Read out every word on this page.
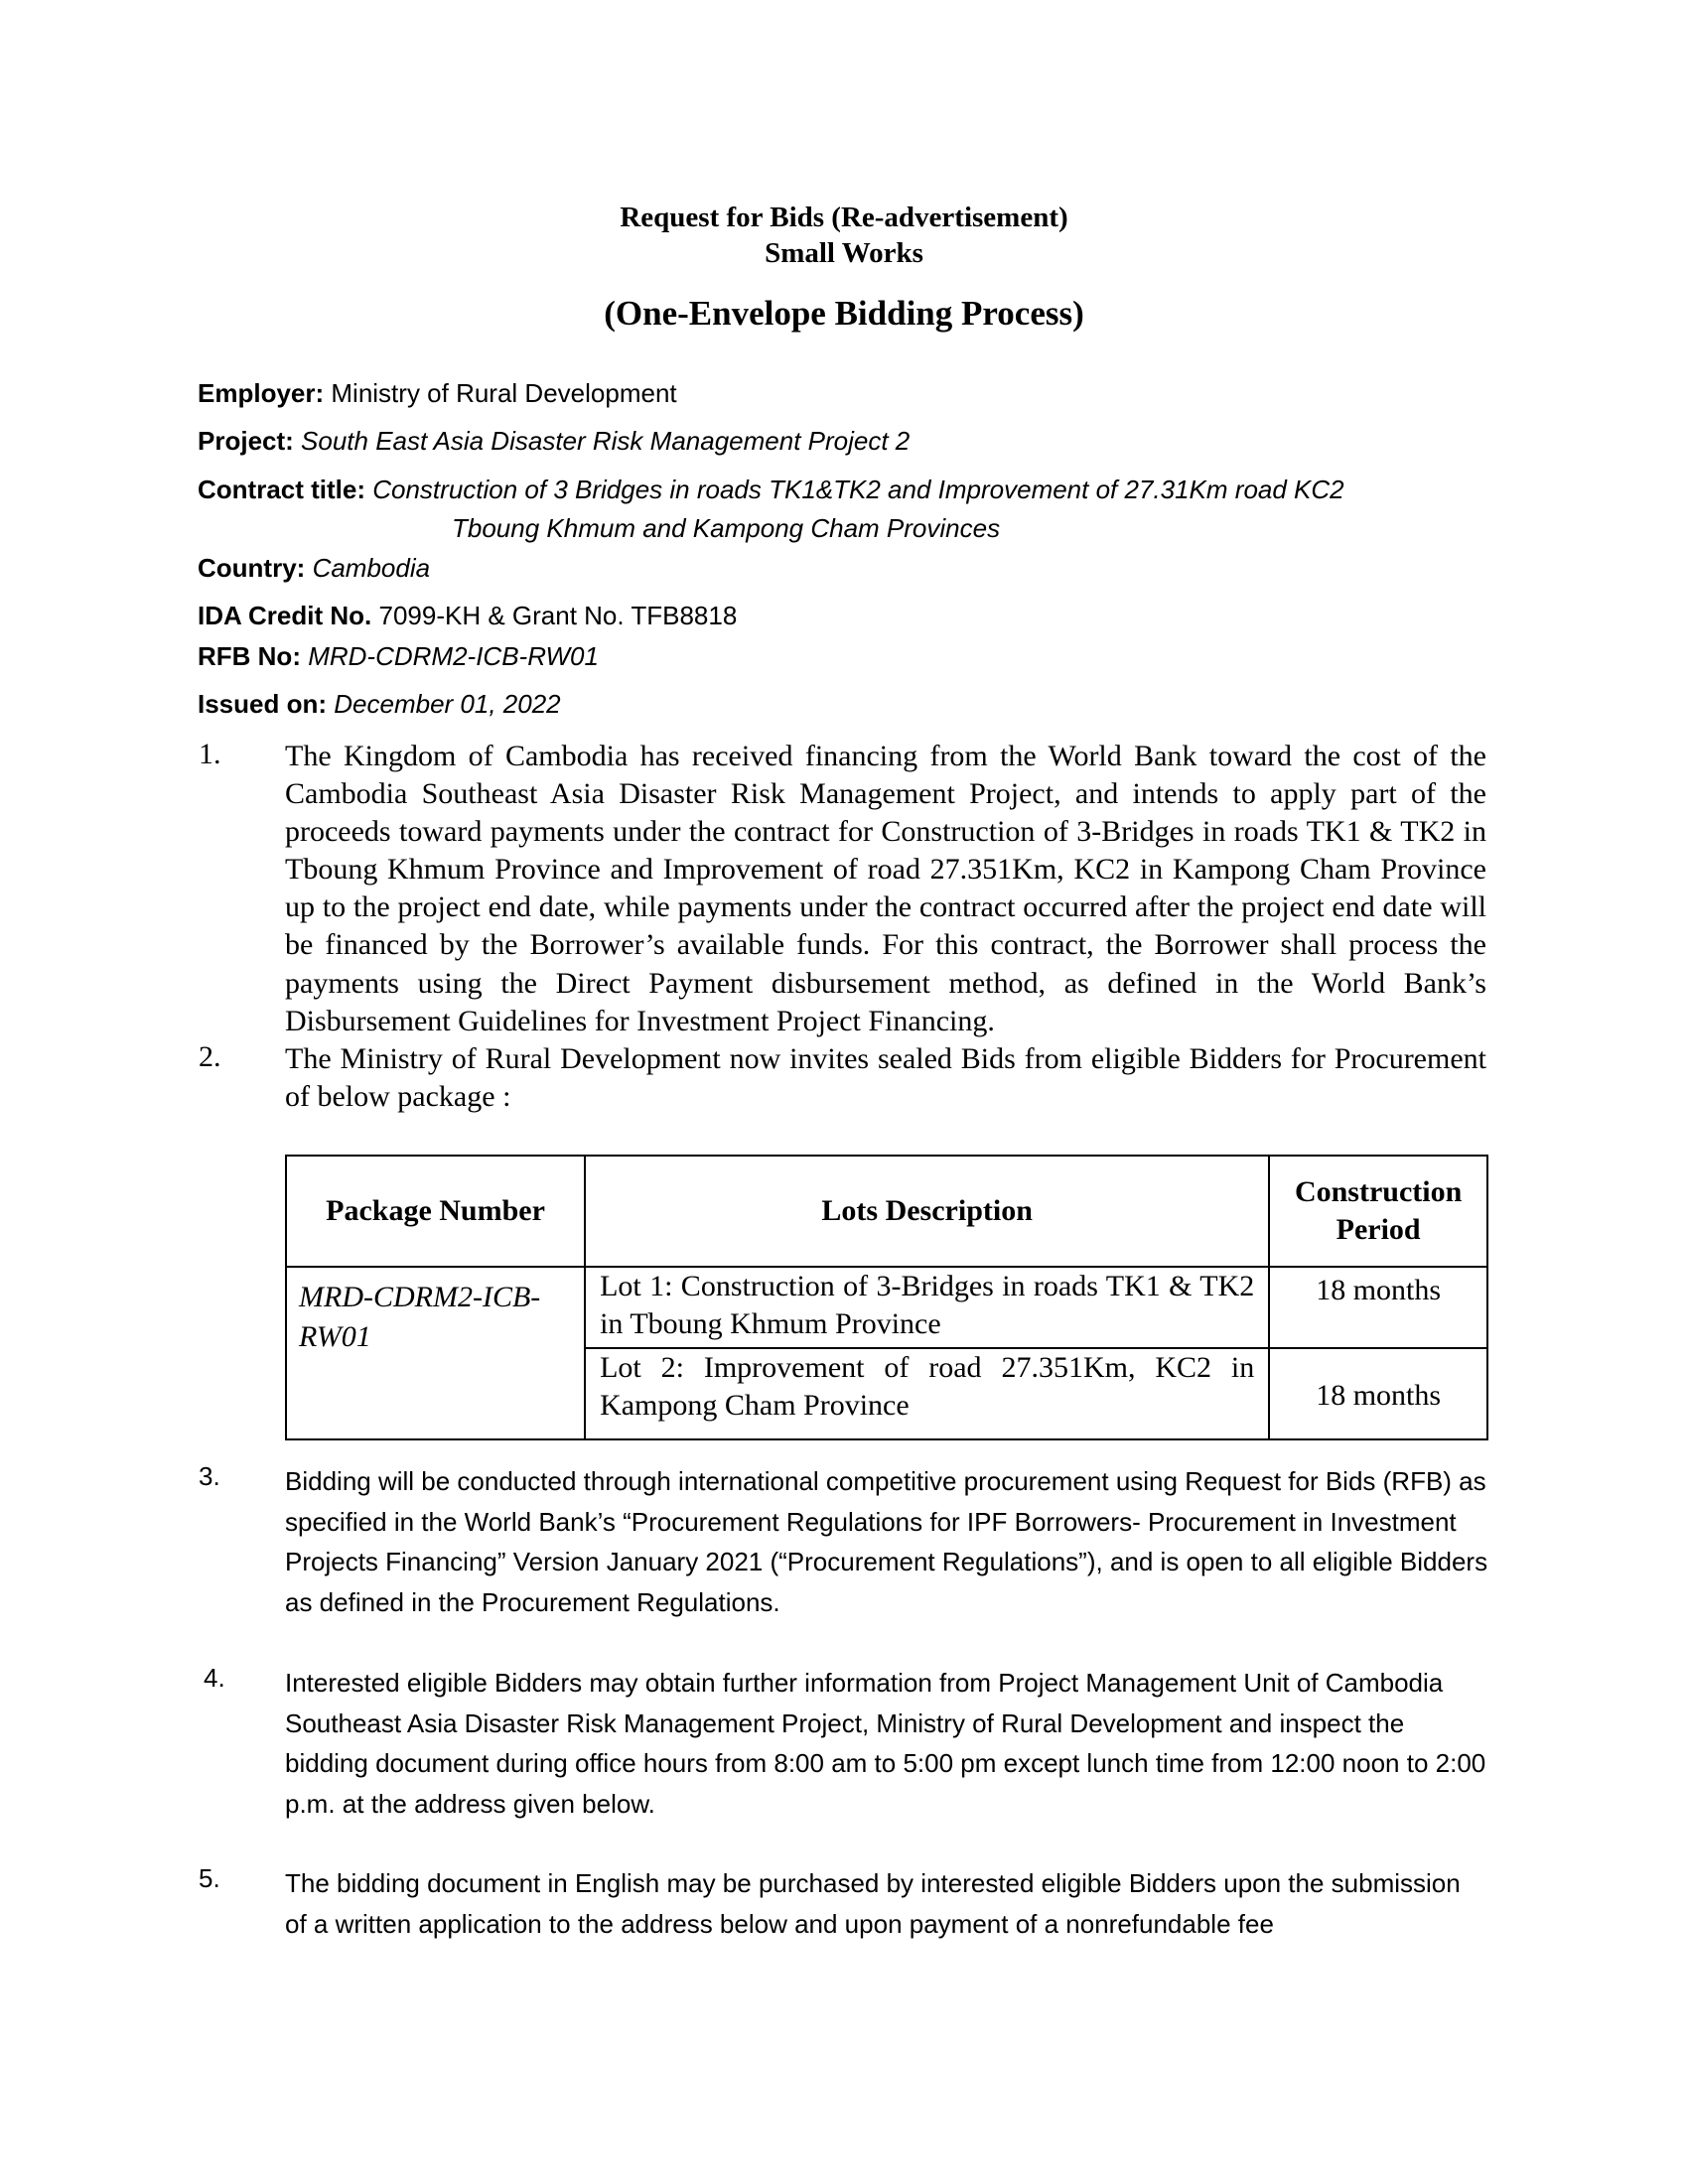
Request for Bids (Re-advertisement)
Small Works
(One-Envelope Bidding Process)
Employer: Ministry of Rural Development
Project: South East Asia Disaster Risk Management Project 2
Contract title: Construction of 3 Bridges in roads TK1&TK2 and Improvement of 27.31Km road KC2
Tboung Khmum and Kampong Cham Provinces
Country: Cambodia
IDA Credit No. 7099-KH & Grant No. TFB8818
RFB No: MRD-CDRM2-ICB-RW01
Issued on: December 01, 2022
1. The Kingdom of Cambodia has received financing from the World Bank toward the cost of the Cambodia Southeast Asia Disaster Risk Management Project, and intends to apply part of the proceeds toward payments under the contract for Construction of 3-Bridges in roads TK1 & TK2 in Tboung Khmum Province and Improvement of road 27.351Km, KC2 in Kampong Cham Province up to the project end date, while payments under the contract occurred after the project end date will be financed by the Borrower’s available funds. For this contract, the Borrower shall process the payments using the Direct Payment disbursement method, as defined in the World Bank’s Disbursement Guidelines for Investment Project Financing.
2. The Ministry of Rural Development now invites sealed Bids from eligible Bidders for Procurement of below package :
Package Number	Lots Description	Construction Period
MRD-CDRM2-ICB-RW01	Lot 1: Construction of 3-Bridges in roads TK1 & TK2 in Tboung Khmum Province	18 months
	Lot 2: Improvement of road 27.351Km, KC2 in Kampong Cham Province	18 months
3.	Bidding will be conducted through international competitive procurement using Request for Bids (RFB) as specified in the World Bank’s “Procurement Regulations for IPF Borrowers- Procurement in Investment Projects Financing” Version January 2021 (“Procurement Regulations”), and is open to all eligible Bidders as defined in the Procurement Regulations.
4. Interested eligible Bidders may obtain further information from Project Management Unit of Cambodia Southeast Asia Disaster Risk Management Project, Ministry of Rural Development and inspect the bidding document during office hours from 8:00 am to 5:00 pm except lunch time from 12:00 noon to 2:00 p.m. at the address given below.
5.	The bidding document in English may be purchased by interested eligible Bidders upon the submission of a written application to the address below and upon payment of a nonrefundable fee
